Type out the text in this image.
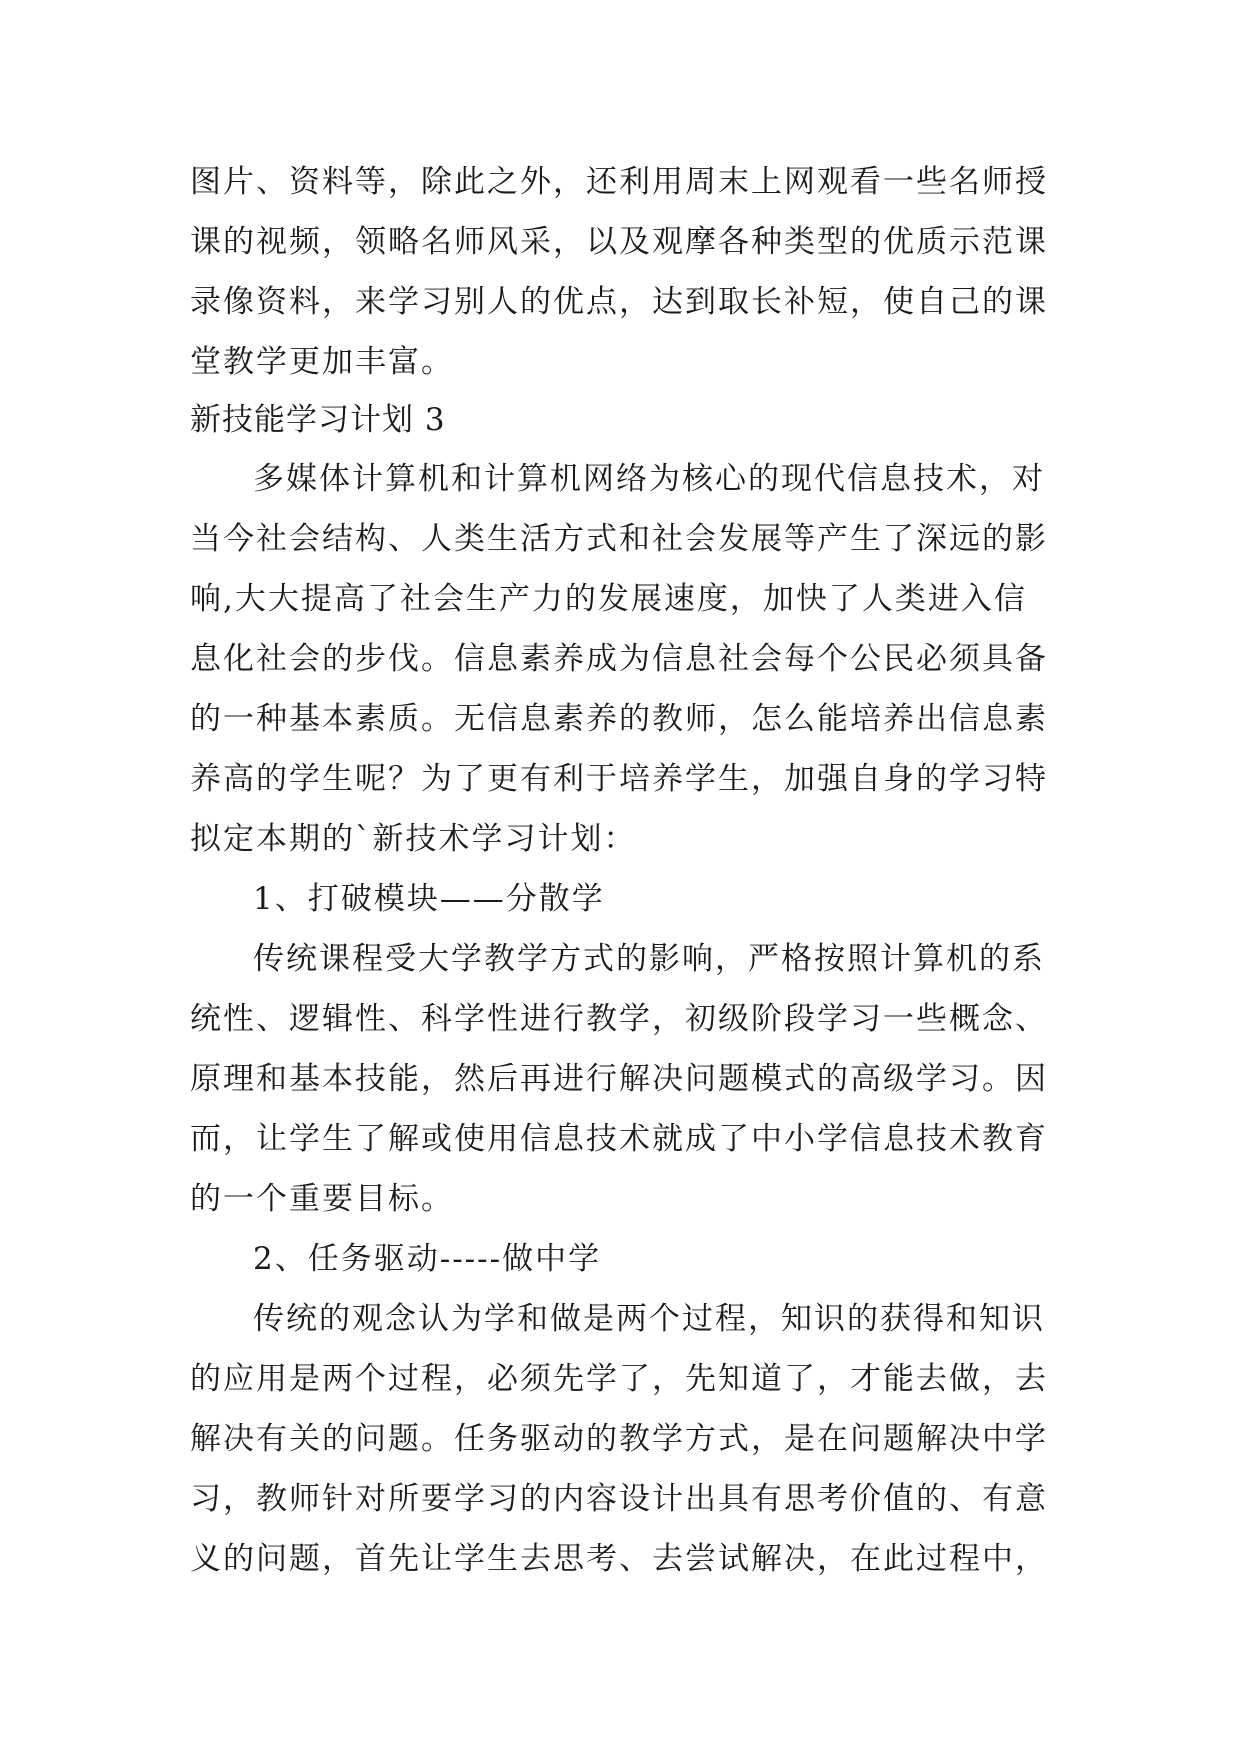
图片、资料等，除此之外，还利用周末上网观看一些名师授
课的视频，领略名师风采，以及观摩各种类型的优质示范课
录像资料，来学习别人的优点，达到取长补短，使自己的课
堂教学更加丰富。
新技能学习计划 3
多媒体计算机和计算机网络为核心的现代信息技术，对
当今社会结构、人类生活方式和社会发展等产生了深远的影
响,大大提高了社会生产力的发展速度，加快了人类进入信
息化社会的步伐。信息素养成为信息社会每个公民必须具备
的一种基本素质。无信息素养的教师，怎么能培养出信息素
养高的学生呢？为了更有利于培养学生，加强自身的学习特
拟定本期的`新技术学习计划：
1、打破模块——分散学
传统课程受大学教学方式的影响，严格按照计算机的系
统性、逻辑性、科学性进行教学，初级阶段学习一些概念、
原理和基本技能，然后再进行解决问题模式的高级学习。因
而，让学生了解或使用信息技术就成了中小学信息技术教育
的一个重要目标。
2、任务驱动-----做中学
传统的观念认为学和做是两个过程，知识的获得和知识
的应用是两个过程，必须先学了，先知道了，才能去做，去
解决有关的问题。任务驱动的教学方式，是在问题解决中学
习，教师针对所要学习的内容设计出具有思考价值的、有意
义的问题，首先让学生去思考、去尝试解决，在此过程中，
